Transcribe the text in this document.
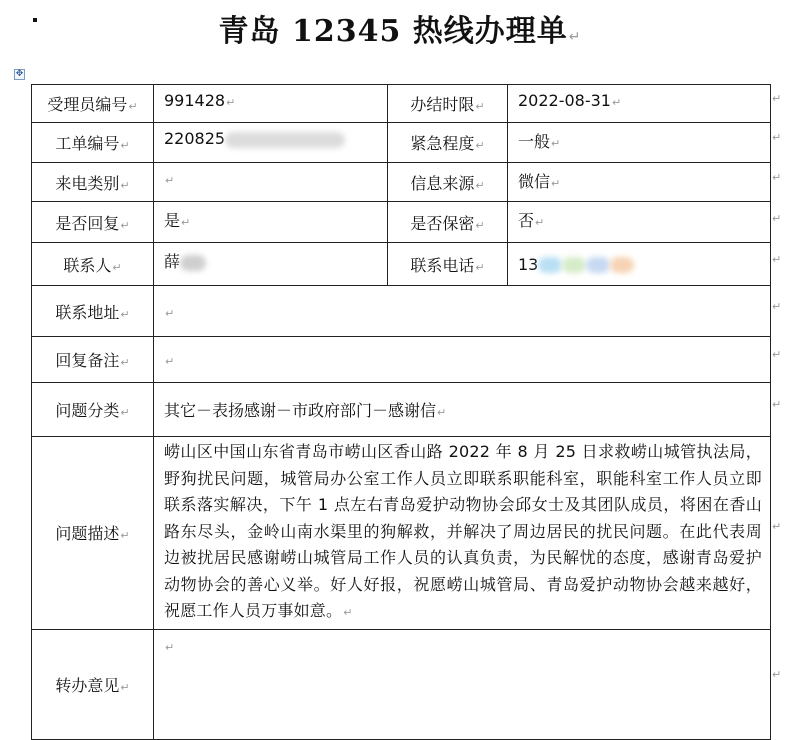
青岛 12345 热线办理单↵
✥
受理员编号↵	991428↵	办结时限↵	2022-08-31↵
工单编号↵	220825	紧急程度↵	一般↵
来电类别↵	↵	信息来源↵	微信↵
是否回复↵	是↵	是否保密↵	否↵
联系人↵	薛	联系电话↵	13
联系地址↵	↵		
回复备注↵	↵		
问题分类↵	其它－表扬感谢－市政府部门－感谢信↵		
问题描述↵	崂山区中国山东省青岛市崂山区香山路 2022 年 8 月 25 日求救崂山城管执法局，野狗扰民问题，城管局办公室工作人员立即联系职能科室，职能科室工作人员立即联系落实解决，下午 1 点左右青岛爱护动物协会邱女士及其团队成员，将困在香山路东尽头，金岭山南水渠里的狗解救，并解决了周边居民的扰民问题。在此代表周边被扰居民感谢崂山城管局工作人员的认真负责，为民解忧的态度，感谢青岛爱护动物协会的善心义举。好人好报，祝愿崂山城管局、青岛爱护动物协会越来越好，祝愿工作人员万事如意。↵		
转办意见↵	↵		
↵
↵
↵
↵
↵
↵
↵
↵
↵
↵
